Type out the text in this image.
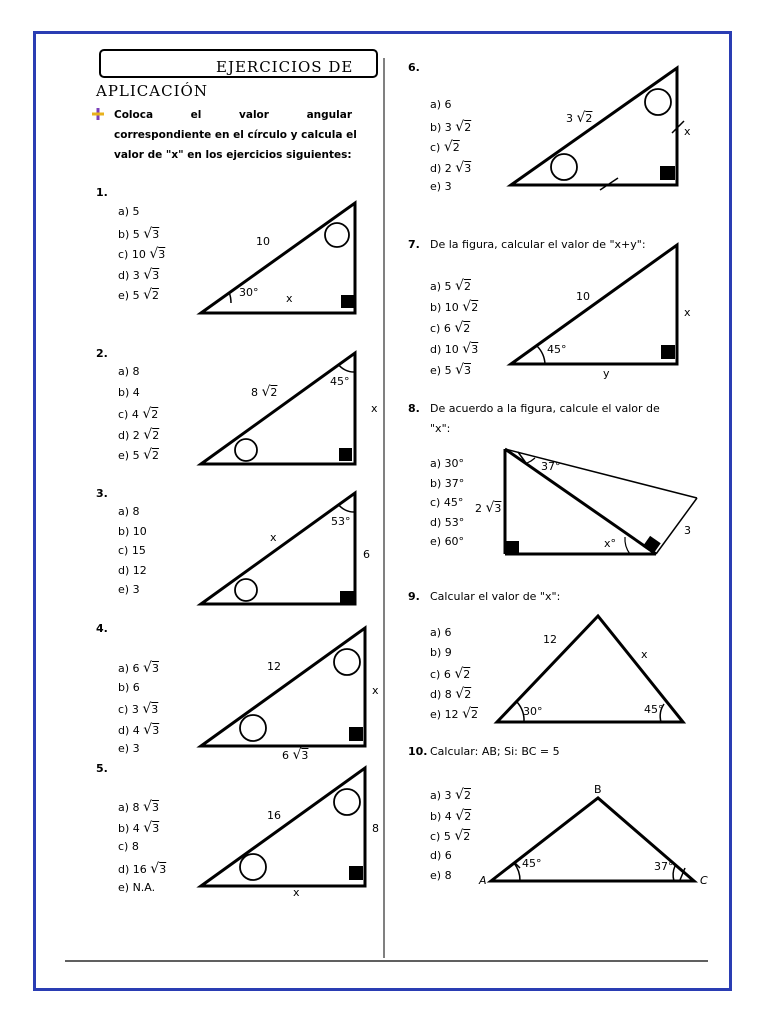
EJERCICIOS DE
APLICACIÓN
Coloca	el	valor	angular
correspondiente en el círculo y calcula el
valor de "x" en los ejercicios siguientes:
1.
2.
3.
4.
5.
6.
7.
8.
9.
10.
De la figura, calcular el valor de "x+y":
De acuerdo a la figura, calcule el valor de
"x":
Calcular el valor de "x":
Calcular: AB; Si: BC = 5
a) 5
b) 5 √3
c) 10 √3
d) 3 √3
e) 5 √2
a) 8
b) 4
c) 4 √2
d) 2 √2
e) 5 √2
a) 8
b) 10
c) 15
d) 12
e) 3
a) 6 √3
b) 6
c) 3 √3
d) 4 √3
e) 3
a) 8 √3
b) 4 √3
c) 8
d) 16 √3
e) N.A.
a) 6
b) 3 √2
c) √2
d) 2 √3
e) 3
a) 5 √2
b) 10 √2
c) 6 √2
d) 10 √3
e) 5 √3
a) 30°
b) 37°
c) 45°
d) 53°
e) 60°
a) 6
b) 9
c) 6 √2
d) 8 √2
e) 12 √2
a) 3 √2
b) 4 √2
c) 5 √2
d) 6
e) 8
10
30°	x
8 √2
45°
x
x
53°
6
12
x
6 √3
16
8
x
3 √2
x
10
45°
x
y
37°
2 √3
x°
3
12
x
30°	45°
A
B
C
45°	37°
